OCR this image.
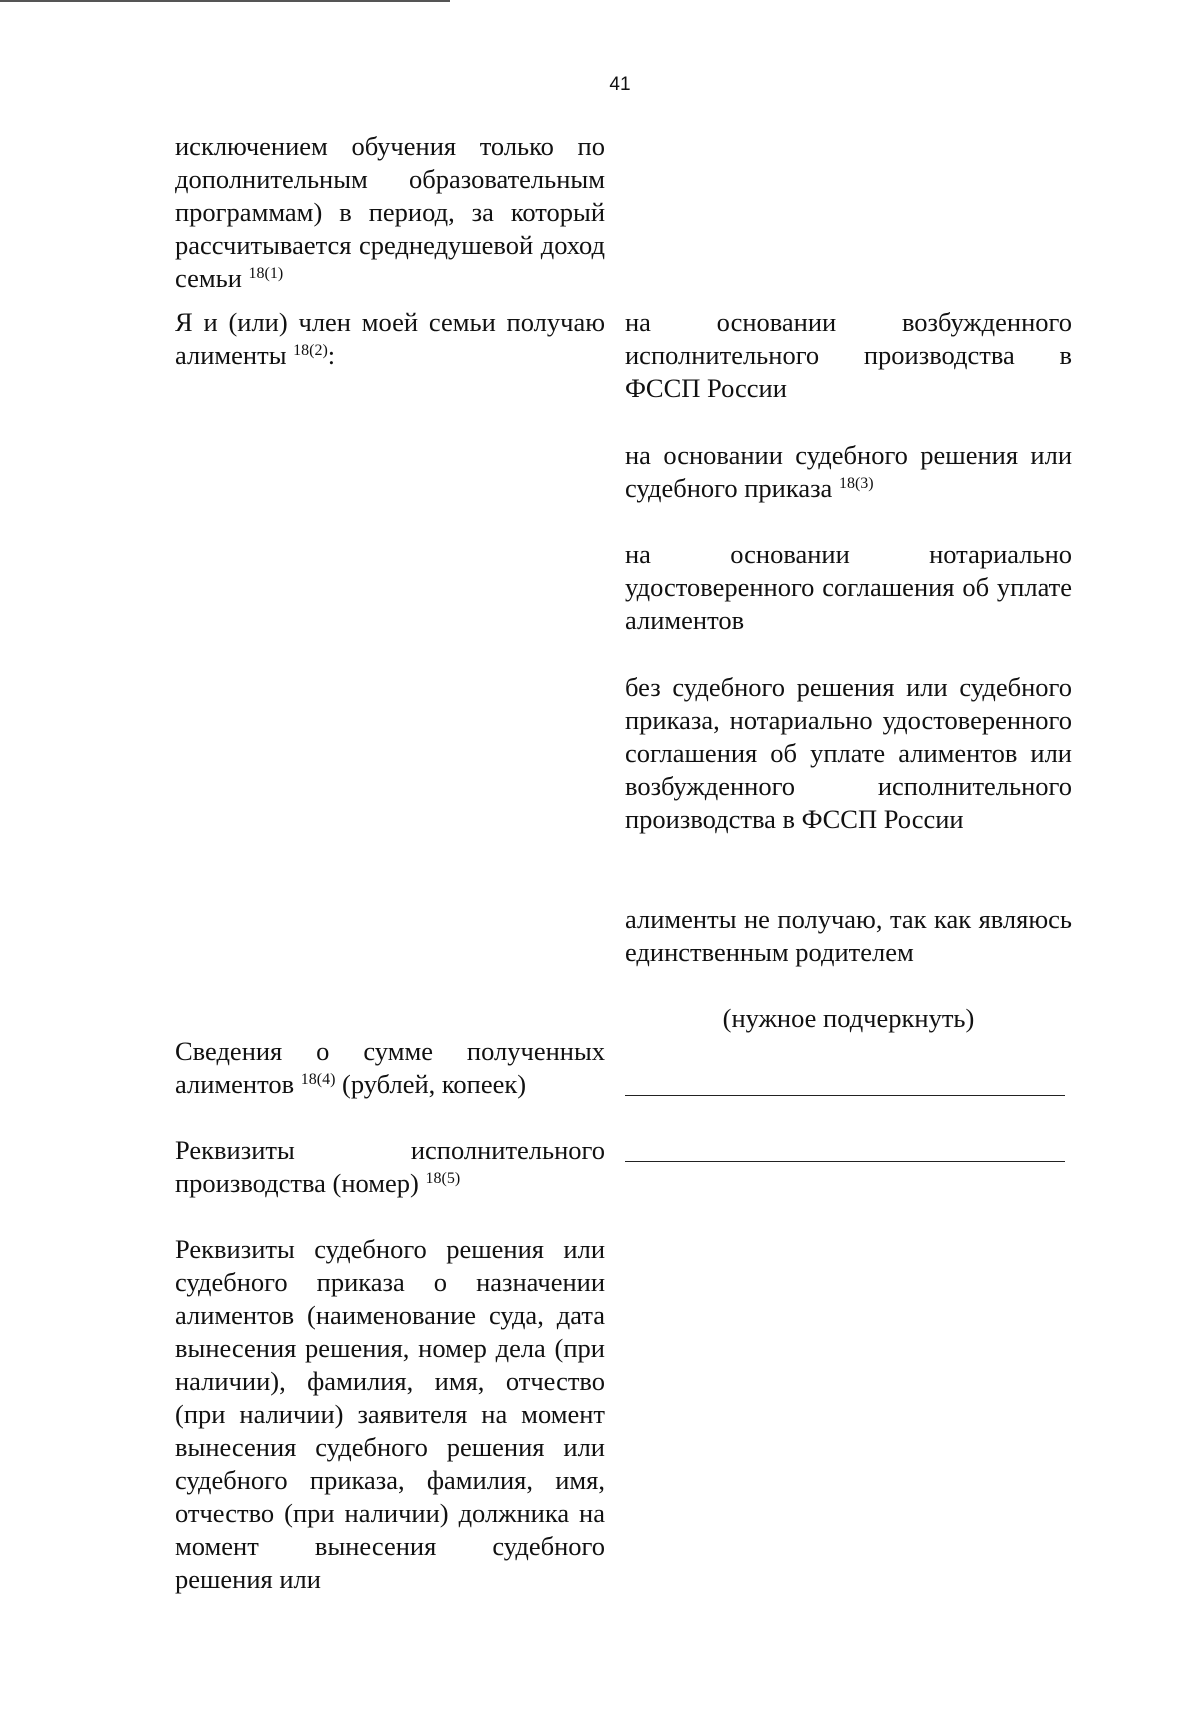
41
исключением обучения только по дополнительным образовательным программам) в период, за который рассчитывается среднедушевой доход семьи $^{18(1)}$
Я и (или) член моей семьи получаю алименты $^{18(2)}$:
на основании возбужденного исполнительного производства в ФССП России
на основании судебного решения или судебного приказа $^{18(3)}$
на основании нотариально удостоверенного соглашения об уплате алиментов
без судебного решения или судебного приказа, нотариально удостоверенного соглашения об уплате алиментов или возбужденного исполнительного производства в ФССП России
алименты не получаю, так как являюсь единственным родителем
(нужное подчеркнуть)
Сведения о сумме полученных алиментов $^{18(4)}$ (рублей, копеек)
Реквизиты исполнительного производства (номер) $^{18(5)}$
Реквизиты судебного решения или судебного приказа о назначении алиментов (наименование суда, дата вынесения решения, номер дела (при наличии), фамилия, имя, отчество (при наличии) заявителя на момент вынесения судебного решения или судебного приказа, фамилия, имя, отчество (при наличии) должника на момент вынесения судебного решения или
